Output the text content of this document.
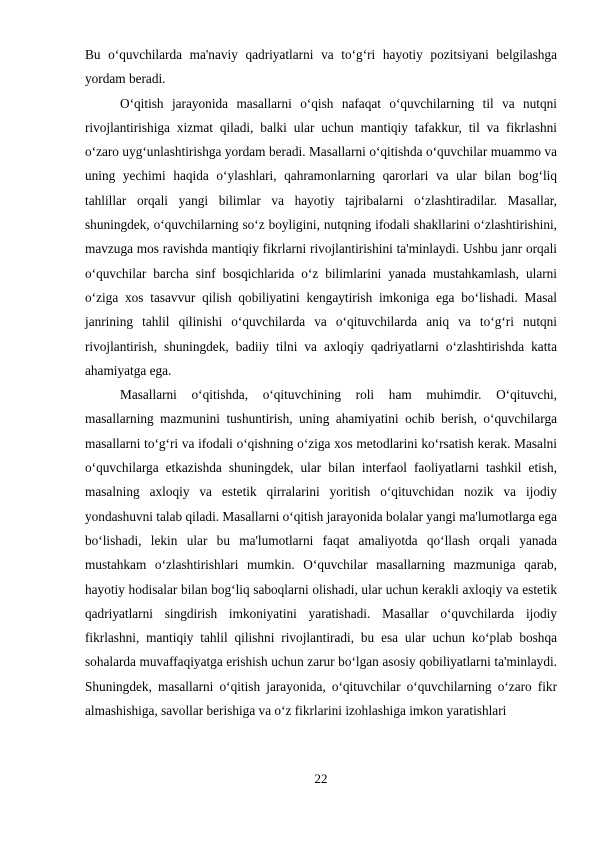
Bu o‘quvchilarda ma'naviy qadriyatlarni va to‘g‘ri hayotiy pozitsiyani belgilashga yordam beradi.

O‘qitish jarayonida masallarni o‘qish nafaqat o‘quvchilarning til va nutqni rivojlantirishiga xizmat qiladi, balki ular uchun mantiqiy tafakkur, til va fikrlashni o‘zaro uyg‘unlashtirishga yordam beradi. Masallarni o‘qitishda o‘quvchilar muammo va uning yechimi haqida o‘ylashlari, qahramonlarning qarorlari va ular bilan bog‘liq tahlillar orqali yangi bilimlar va hayotiy tajribalarni o‘zlashtiradilar. Masallar, shuningdek, o‘quvchilarning so‘z boyligini, nutqning ifodali shakllarini o‘zlashtirishini, mavzuga mos ravishda mantiqiy fikrlarni rivojlantirishini ta'minlaydi. Ushbu janr orqali o‘quvchilar barcha sinf bosqichlarida o‘z bilimlarini yanada mustahkamlash, ularni o‘ziga xos tasavvur qilish qobiliyatini kengaytirish imkoniga ega bo‘lishadi. Masal janrining tahlil qilinishi o‘quvchilarda va o‘qituvchilarda aniq va to‘g‘ri nutqni rivojlantirish, shuningdek, badiiy tilni va axloqiy qadriyatlarni o‘zlashtirishda katta ahamiyatga ega.

Masallarni o‘qitishda, o‘qituvchining roli ham muhimdir. O‘qituvchi, masallarning mazmunini tushuntirish, uning ahamiyatini ochib berish, o‘quvchilarga masallarni to‘g‘ri va ifodali o‘qishning o‘ziga xos metodlarini ko‘rsatish kerak. Masalni o‘quvchilarga etkazishda shuningdek, ular bilan interfaol faoliyatlarni tashkil etish, masalning axloqiy va estetik qirralarini yoritish o‘qituvchidan nozik va ijodiy yondashuvni talab qiladi. Masallarni o‘qitish jarayonida bolalar yangi ma'lumotlarga ega bo‘lishadi, lekin ular bu ma'lumotlarni faqat amaliyotda qo‘llash orqali yanada mustahkam o‘zlashtirishlari mumkin. O‘quvchilar masallarning mazmuniga qarab, hayotiy hodisalar bilan bog‘liq saboqlarni olishadi, ular uchun kerakli axloqiy va estetik qadriyatlarni singdirish imkoniyatini yaratishadi. Masallar o‘quvchilarda ijodiy fikrlashni, mantiqiy tahlil qilishni rivojlantiradi, bu esa ular uchun ko‘plab boshqa sohalarda muvaffaqiyatga erishish uchun zarur bo‘lgan asosiy qobiliyatlarni ta'minlaydi. Shuningdek, masallarni o‘qitish jarayonida, o‘qituvchilar o‘quvchilarning o‘zaro fikr almashishiga, savollar berishiga va o‘z fikrlarini izohlashiga imkon yaratishlari

22
